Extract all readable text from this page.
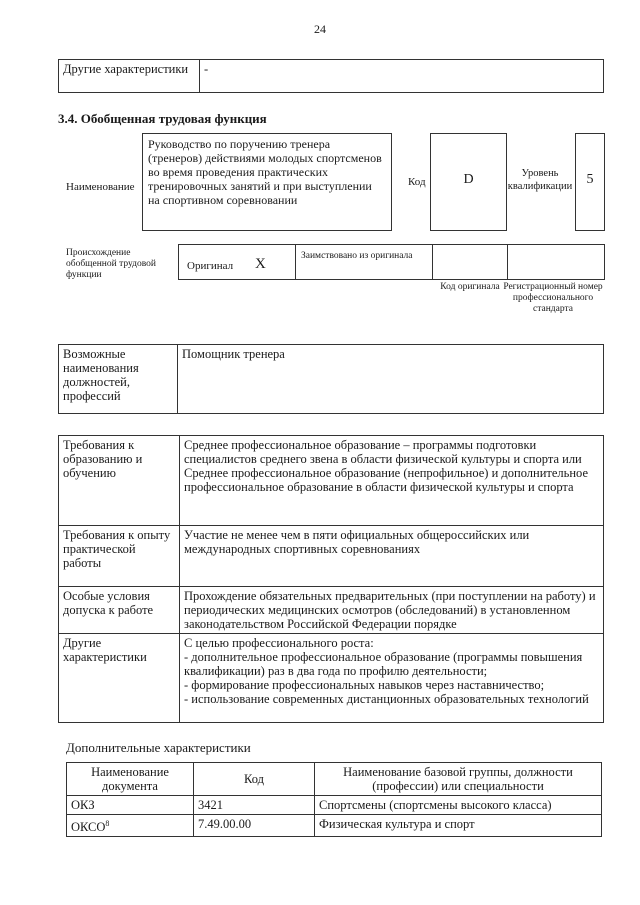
24
Другие характеристики	-
3.4. Обобщенная трудовая функция
Наименование
Руководство по поручению тренера (тренеров) действиями молодых спортсменов во время проведения практических тренировочных занятий и при выступлении на спортивном соревновании
Код	D	Уровень квалификации	5
Происхождение обобщенной трудовой функции
Оригинал X	Заимствовано из оригинала
Код оригинала Регистрационный номер профессионального стандарта
Возможные наименования должностей, профессий	Помощник тренера
Требования к образованию и обучению	Среднее профессиональное образование – программы подготовки специалистов среднего звена в области физической культуры и спорта или Среднее профессиональное образование (непрофильное) и дополнительное профессиональное образование в области физической культуры и спорта
Требования к опыту практической работы	Участие не менее чем в пяти официальных общероссийских или международных спортивных соревнованиях
Особые условия допуска к работе	Прохождение обязательных предварительных (при поступлении на работу) и периодических медицинских осмотров (обследований) в установленном законодательством Российской Федерации порядке
Другие характеристики	С целью профессионального роста:
- дополнительное профессиональное образование (программы повышения квалификации) раз в два года по профилю деятельности;
- формирование профессиональных навыков через наставничество;
- использование современных дистанционных образовательных технологий
Дополнительные характеристики
Наименование документа	Код	Наименование базовой группы, должности (профессии) или специальности
ОКЗ	3421	Спортсмены (спортсмены высокого класса)
ОКСО$^8$	7.49.00.00	Физическая культура и спорт
